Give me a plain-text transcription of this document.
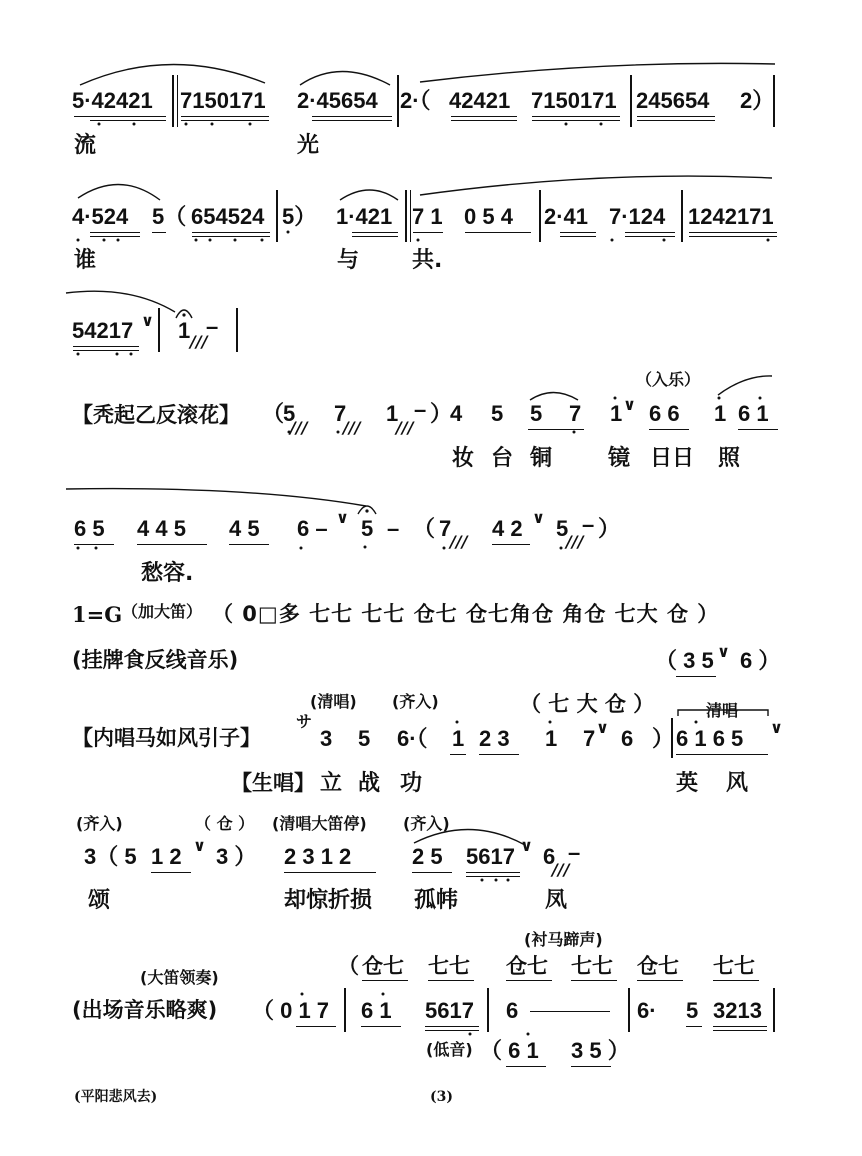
5·42421 7150171 2·45654 2·（ 42421 7150171 245654 2）
流	光
4·524 5（ 654524 5） 1·421 7 1 0 5 4 2·41 7·124 1242171
谁	与 共.
54217 ∨ 1 ///
–
【秃起乙反滚花】 （
5
///
7
///
1
///
– ）
4 5 5 7 1 ∨
（入乐）
6 6 1 6 1
妆 台 铜	镜 日日 照
6 5 4 4 5 4 5 6 – ∨ 5 – （ 7
///
4 2 ∨ 5
///
– ）
愁容.
1=G （加大笛） （ 0□多 七七 七七 仓七 仓七角仓 角仓 七大 仓 ）
(挂牌食反线音乐)	（ 3 5 ∨ 6 ）
(清唱) (齐入)	（ 七 大 仓 ）	清唱
【内唱马如风引子】
サ
3 5 6·（ 1 2 3 1 7 ∨ 6 ） 6 1 6 5 ∨
【生唱】 立 战 功	英 风
(齐入)	（ 仓 ） (清唱大笛停) (齐入)
3（ 5 1 2 ∨ 3 ） 2 3 1 2	2 5 5617 ∨ 6
///
–
颂	却惊折损 孤帏	凤
(衬马蹄声)
（ 仓七 七七 仓七 七七 仓七 七七
(大笛领奏)
(出场音乐略爽) （ 0 1 7 6 1 5617 6	6· 5 3213
(低音) （ 6 1 3 5 ）
(平阳悲风去)	(3)
